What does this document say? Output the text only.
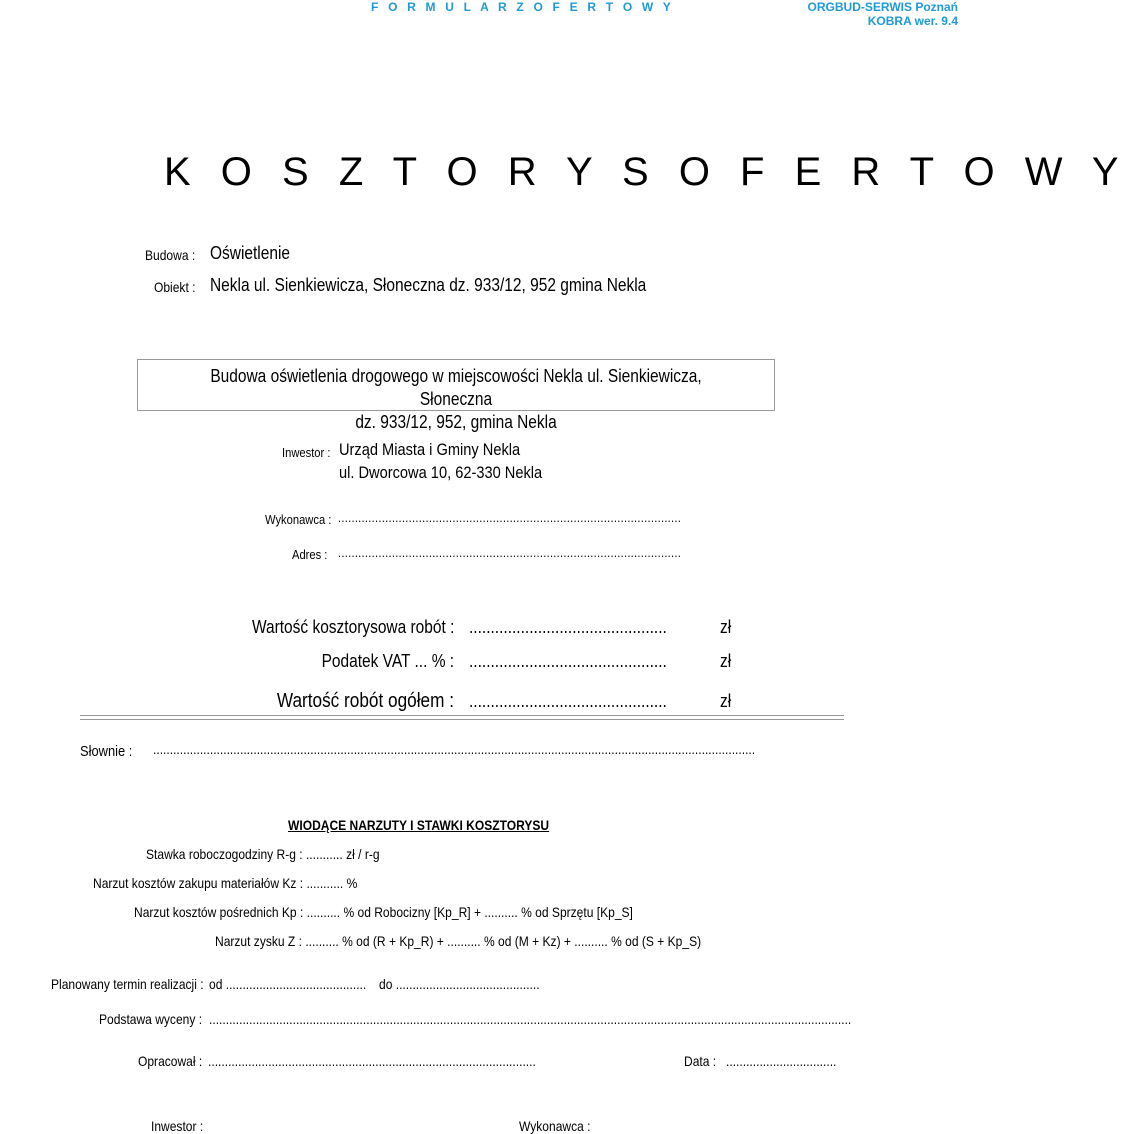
F O R M U L A R Z O F E R T O W Y	ORGBUD-SERWIS Poznań
KOBRA wer. 9.4
K O S Z T O R Y S O F E R T O W Y
Budowa : Oświetlenie
Obiekt : Nekla ul. Sienkiewicza, Słoneczna dz. 933/12, 952 gmina Nekla
Budowa oświetlenia drogowego w miejscowości Nekla ul. Sienkiewicza, Słoneczna
dz. 933/12, 952, gmina Nekla
Inwestor : Urząd Miasta i Gminy Nekla
ul. Dworcowa 10, 62-330 Nekla
Wykonawca : ......................................................................................................
Adres : ......................................................................................................
Wartość kosztorysowa robót : ..............................................	zł
Podatek VAT ... % : ..............................................	zł
Wartość robót ogółem : ..............................................	zł
Słownie : ....................................................................................................................................................................................
WIODĄCE NARZUTY I STAWKI KOSZTORYSU
Stawka roboczogodziny R-g : ........... zł / r-g
Narzut kosztów zakupu materiałów Kz : ........... %
Narzut kosztów pośrednich Kp : .......... % od Robocizny [Kp_R] + .......... % od Sprzętu [Kp_S]
Narzut zysku Z : .......... % od (R + Kp_R) + .......... % od (M + Kz) + .......... % od (S + Kp_S)
Planowany termin realizacji : od .......................................... do ...........................................
Podstawa wyceny : ................................................................................................................................................................................................
Opracował : ..................................................................................................	Data : .................................
Inwestor :	Wykonawca :
